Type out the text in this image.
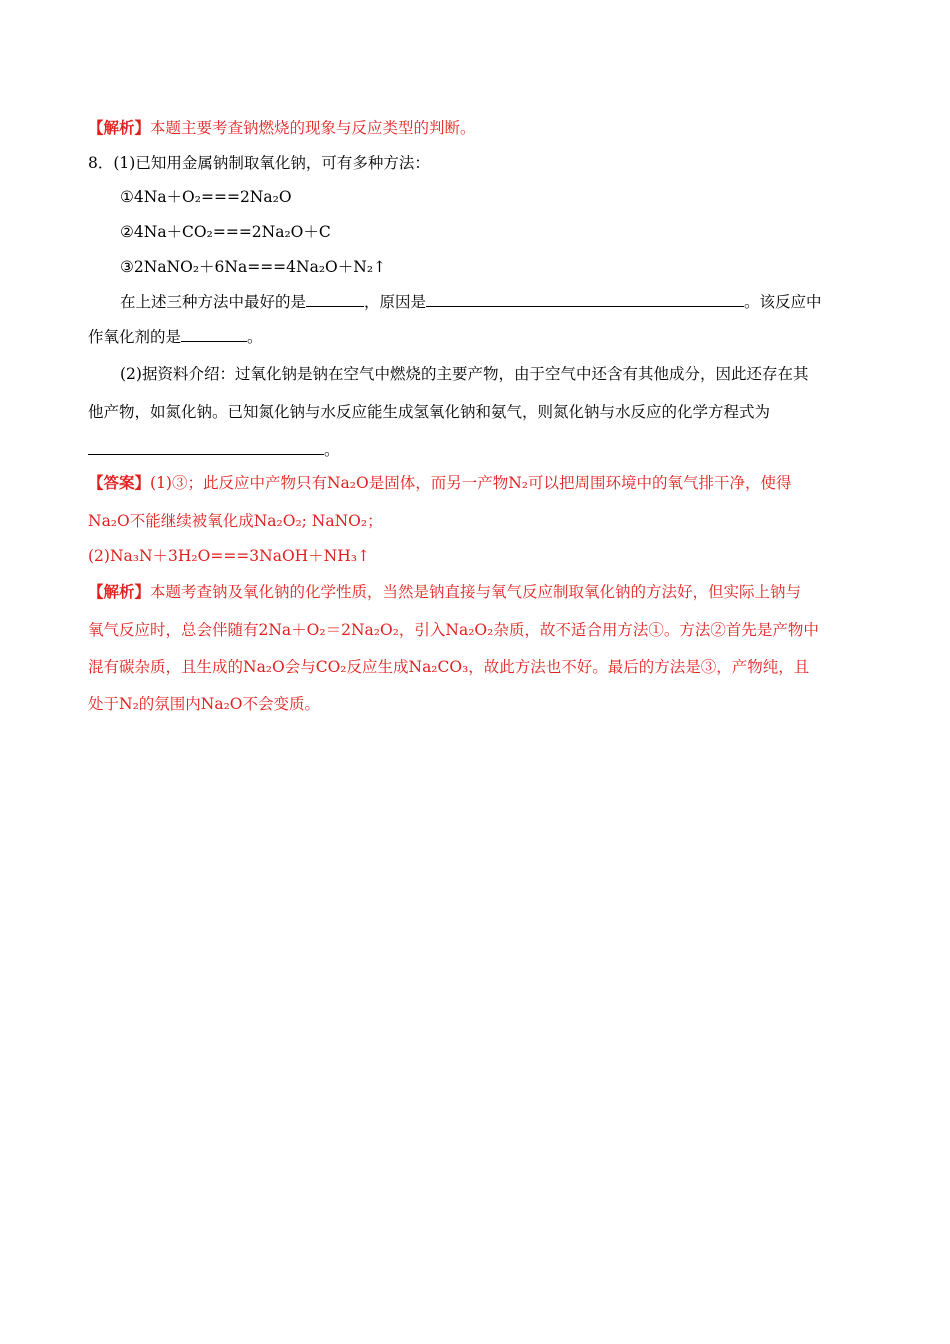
【解析】本题主要考查钠燃烧的现象与反应类型的判断。
8．(1)已知用金属钠制取氧化钠，可有多种方法：
①4Na＋O₂===2Na₂O
②4Na＋CO₂===2Na₂O＋C
③2NaNO₂＋6Na===4Na₂O＋N₂↑
在上述三种方法中最好的是	，原因是	。该反应中
作氧化剂的是	。
(2)据资料介绍：过氧化钠是钠在空气中燃烧的主要产物，由于空气中还含有其他成分，因此还存在其
他产物，如氮化钠。已知氮化钠与水反应能生成氢氧化钠和氨气，则氮化钠与水反应的化学方程式为
。
【答案】(1)③；此反应中产物只有Na₂O是固体，而另一产物N₂可以把周围环境中的氧气排干净，使得
Na₂O不能继续被氧化成Na₂O₂; NaNO₂；
(2)Na₃N＋3H₂O===3NaOH＋NH₃↑
【解析】本题考查钠及氧化钠的化学性质，当然是钠直接与氧气反应制取氧化钠的方法好，但实际上钠与
氧气反应时，总会伴随有2Na＋O₂＝2Na₂O₂，引入Na₂O₂杂质，故不适合用方法①。方法②首先是产物中
混有碳杂质，且生成的Na₂O会与CO₂反应生成Na₂CO₃，故此方法也不好。最后的方法是③，产物纯，且
处于N₂的氛围内Na₂O不会变质。
